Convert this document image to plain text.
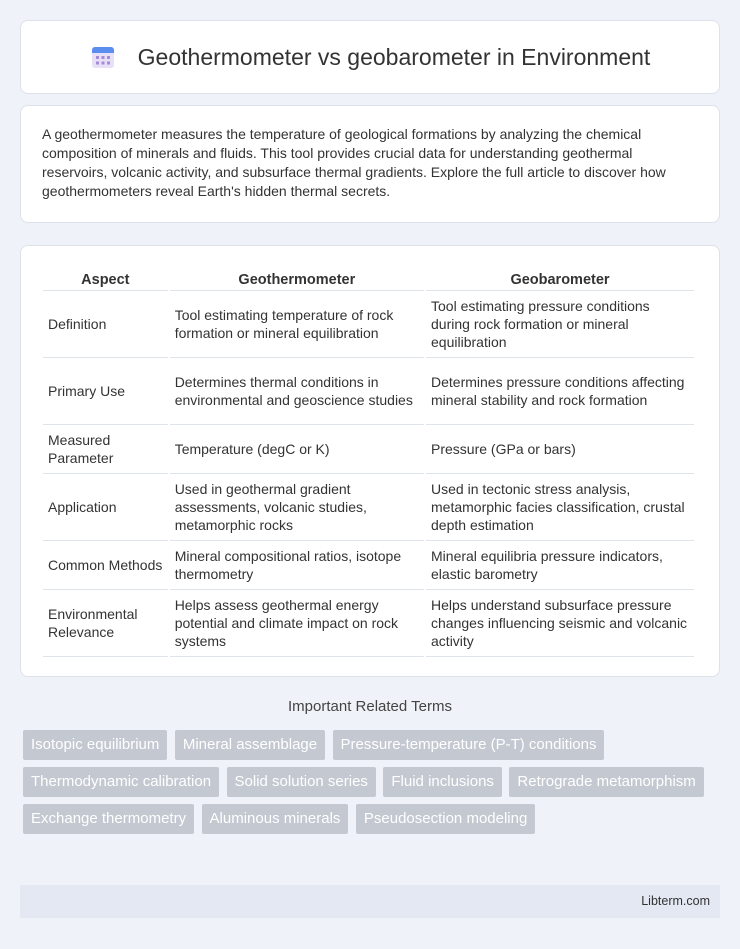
Geothermometer vs geobarometer in Environment

A geothermometer measures the temperature of geological formations by analyzing the chemical composition of minerals and fluids. This tool provides crucial data for understanding geothermal reservoirs, volcanic activity, and subsurface thermal gradients. Explore the full article to discover how geothermometers reveal Earth's hidden thermal secrets.

Aspect	Geothermometer	Geobarometer
Definition	Tool estimating temperature of rock formation or mineral equilibration	Tool estimating pressure conditions during rock formation or mineral equilibration
Primary Use	Determines thermal conditions in environmental and geoscience studies	Determines pressure conditions affecting mineral stability and rock formation
Measured Parameter	Temperature (degC or K)	Pressure (GPa or bars)
Application	Used in geothermal gradient assessments, volcanic studies, metamorphic rocks	Used in tectonic stress analysis, metamorphic facies classification, crustal depth estimation
Common Methods	Mineral compositional ratios, isotope thermometry	Mineral equilibria pressure indicators, elastic barometry
Environmental Relevance	Helps assess geothermal energy potential and climate impact on rock systems	Helps understand subsurface pressure changes influencing seismic and volcanic activity
Important Related Terms
Isotopic equilibrium Mineral assemblage Pressure-temperature (P-T) conditions Thermodynamic calibration Solid solution series Fluid inclusions Retrograde metamorphism Exchange thermometry Aluminous minerals Pseudosection modeling
Libterm.com
